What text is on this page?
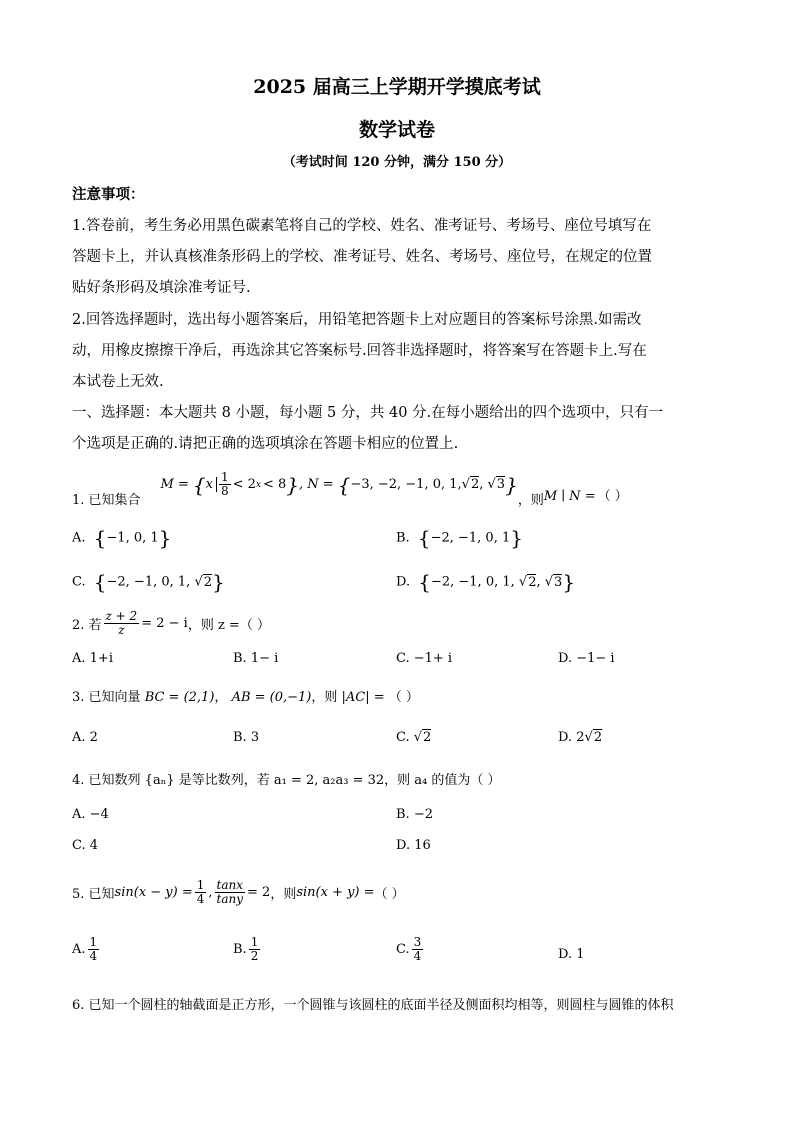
2025 届高三上学期开学摸底考试
数学试卷
（考试时间 120 分钟，满分 150 分）
注意事项：
1.答卷前，考生务必用黑色碳素笔将自己的学校、姓名、准考证号、考场号、座位号填写在
答题卡上，并认真核准条形码上的学校、准考证号、姓名、考场号、座位号，在规定的位置
贴好条形码及填涂准考证号.
2.回答选择题时，选出每小题答案后，用铅笔把答题卡上对应题目的答案标号涂黑.如需改
动，用橡皮擦擦干净后，再选涂其它答案标号.回答非选择题时，将答案写在答题卡上.写在
本试卷上无效.
一、选择题：本大题共 8 小题，每小题 5 分，共 40 分.在每小题给出的四个选项中，只有一
个选项是正确的.请把正确的选项填涂在答题卡相应的位置上.
1. 已知集合
M = { x $\frac{1}{8} < 2$ x < 8 } , N = { −3, −2, −1, 0, 1, √2, √3 }
，则 M ∣ N = （ ）
A. {−1, 0, 1}	B. {−2, −1, 0, 1}
C. {−2, −1, 0, 1, √2}	D. {−2, −1, 0, 1, √2, √3}
2. 若 $\frac{z + 2}{z} = 2 - i$ ，则 z =（ ）
A. 1+i	B. 1− i	C. −1+ i	D. −1− i
3. 已知向量 BC = (2,1)， AB = (0,−1)，则 |AC| = （ ）
A. 2	B. 3	C. √2	D. 2√2
4. 已知数列 {aₙ} 是等比数列，若 a₁ = 2, a₂a₃ = 32，则 a₄ 的值为（ ）
A. −4	B. −2
C. 4	D. 16
5. 已知 $\sin(x - y) = \frac{1}{4}$ , $\frac{\tan x}{\tan y} = 2$ ，则 sin(x + y) = （ ）
A. $\frac{1}{4}$	B. $\frac{1}{2}$	C. $\frac{3}{4}$	D. 1
6. 已知一个圆柱的轴截面是正方形，一个圆锥与该圆柱的底面半径及侧面积均相等，则圆柱与圆锥的体积
